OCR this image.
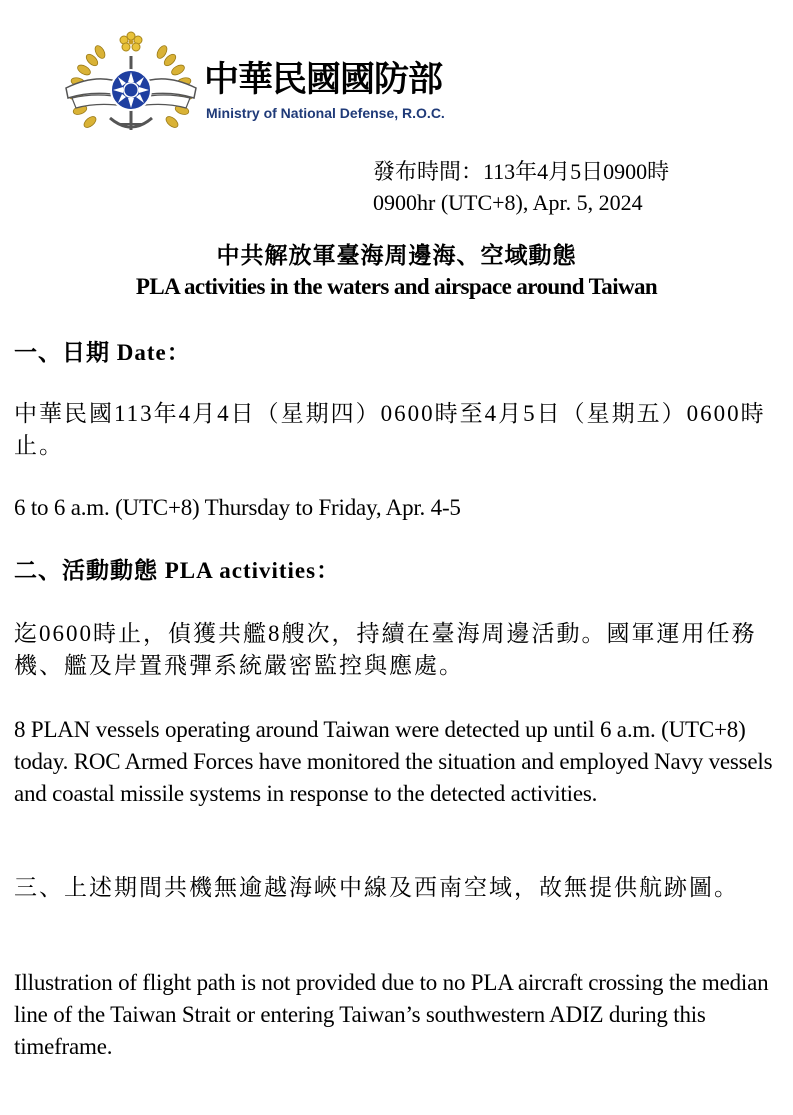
中華民國國防部
Ministry of National Defense, R.O.C.
發布時間：113年4月5日0900時
0900hr (UTC+8), Apr. 5, 2024
中共解放軍臺海周邊海、空域動態
PLA activities in the waters and airspace around Taiwan
一、日期 Date：

中華民國113年4月4日（星期四）0600時至4月5日（星期五）0600時止。

6 to 6 a.m. (UTC+8) Thursday to Friday, Apr. 4-5

二、活動動態 PLA activities：

迄0600時止，偵獲共艦8艘次，持續在臺海周邊活動。國軍運用任務機、艦及岸置飛彈系統嚴密監控與應處。

8 PLAN vessels operating around Taiwan were detected up until 6 a.m. (UTC+8) today. ROC Armed Forces have monitored the situation and employed Navy vessels and coastal missile systems in response to the detected activities.

三、上述期間共機無逾越海峽中線及西南空域，故無提供航跡圖。

Illustration of flight path is not provided due to no PLA aircraft crossing the median line of the Taiwan Strait or entering Taiwan’s southwestern ADIZ during this timeframe.
